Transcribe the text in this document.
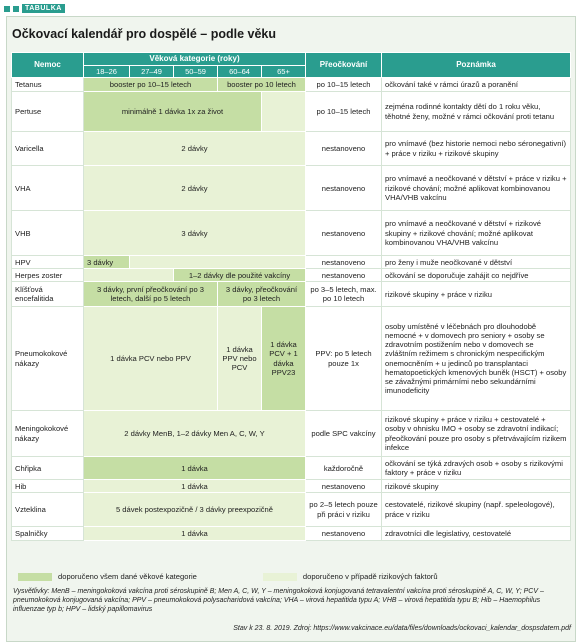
TABULKA
Očkovací kalendář pro dospělé – podle věku
Nemoc	Věková kategorie (roky)					Přeočkování	Poznámka
	18–26	27–49	50–59	60–64	65+		
Tetanus	booster po 10–15 letech			booster po 10 letech		po 10–15 letech	očkování také v rámci úrazů a poranění
Pertuse	minimálně 1 dávka 1x za život					po 10–15 letech	zejména rodinné kontakty dětí do 1 roku věku, těhotné ženy, možné v rámci očkování proti tetanu
Varicella	2 dávky					nestanoveno	pro vnímavé (bez historie nemoci nebo séronegativní) + práce v riziku + rizikové skupiny
VHA	2 dávky					nestanoveno	pro vnímavé a neočkované v dětství + práce v riziku + rizikové chování; možné aplikovat kombinovanou VHA/VHB vakcínu
VHB	3 dávky					nestanoveno	pro vnímavé a neočkované v dětství + rizikové skupiny + rizikové chování; možné aplikovat kombinovanou VHA/VHB vakcínu
HPV	3 dávky					nestanoveno	pro ženy i muže neočkované v dětství
Herpes zoster			1–2 dávky dle použité vakcíny			nestanoveno	očkování se doporučuje zahájit co nejdříve
Klíšťová encefalitida	3 dávky, první přeočkování po 3 letech, další po 5 letech			3 dávky, přeočkování po 3 letech		po 3–5 letech, max. po 10 letech	rizikové skupiny + práce v riziku
Pneumokokové nákazy	1 dávka PCV nebo PPV			1 dávka PPV nebo PCV	1 dávka PCV + 1 dávka PPV23	PPV: po 5 letech pouze 1x	osoby umístěné v léčebnách pro dlouhodobě nemocné + v domovech pro seniory + osoby se zdravotním postižením nebo v domovech se zvláštním režimem s chronickým nespecifickým onemocněním + u jedinců po transplantaci hematopoetických kmenových buněk (HSCT) + osoby se závažnými primárními nebo sekundárními imunodeficity
Meningokokové nákazy	2 dávky MenB, 1–2 dávky Men A, C, W, Y					podle SPC vakcíny	rizikové skupiny + práce v riziku + cestovatelé + osoby v ohnisku IMO + osoby se zdravotní indikací; přeočkování pouze pro osoby s přetrvávajícím rizikem infekce
Chřipka	1 dávka					každoročně	očkování se týká zdravých osob + osoby s rizikovými faktory + práce v riziku
Hib	1 dávka					nestanoveno	rizikové skupiny
Vzteklina	5 dávek postexpozičně / 3 dávky preexpozičně					po 2–5 letech pouze při práci v riziku	cestovatelé, rizikové skupiny (např. speleologové), práce v riziku
Spalničky	1 dávka					nestanoveno	zdravotníci dle legislativy, cestovatelé
doporučeno všem dané věkové kategorie	doporučeno v případě rizikových faktorů
Vysvětlivky: MenB – meningokoková vakcína proti séroskupině B; Men A, C, W, Y – meningokoková konjugovaná tetravalentní vakcína proti séroskupině A, C, W, Y; PCV – pneumokoková konjugovaná vakcína; PPV – pneumokoková polysacharidová vakcína; VHA – virová hepatitida typu A; VHB – virová hepatitida typu B; Hib – Haemophilus influenzae typ b; HPV – lidský papillomavirus
Stav k 23. 8. 2019. Zdroj: https://www.vakcinace.eu/data/files/downloads/ockovaci_kalendar_dospsdatem.pdf
